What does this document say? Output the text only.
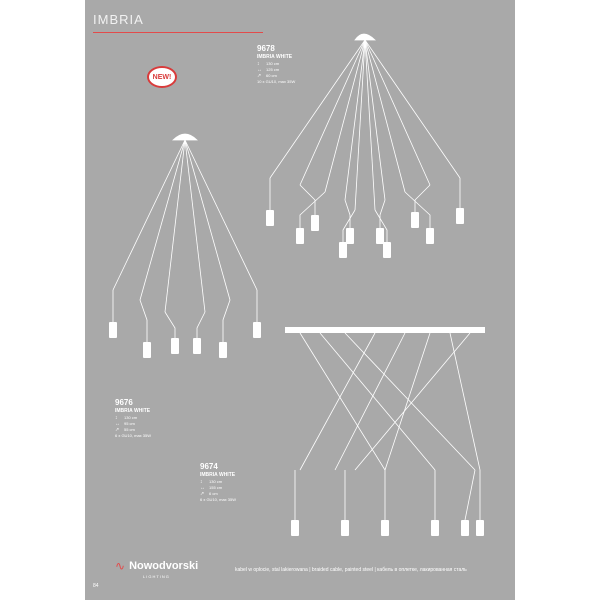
IMBRIA
NEW!
9678
IMBRIA WHITE
↕	130 cm
↔ 125 cm
↗	60 cm
10 x GU10, max 35W
9676
IMBRIA WHITE
↕	130 cm
↔ 95 cm
↗	55 cm
6 x GU10, max 35W
9674
IMBRIA WHITE
↕	130 cm
↔ 155 cm
↗	6 cm
6 x GU10, max 35W
∿ Nowodvorski
LIGHTING
kabel w oplocie, stal lakierowana | braided cable, painted steel | кабель в оплетке, лакированная сталь
84
